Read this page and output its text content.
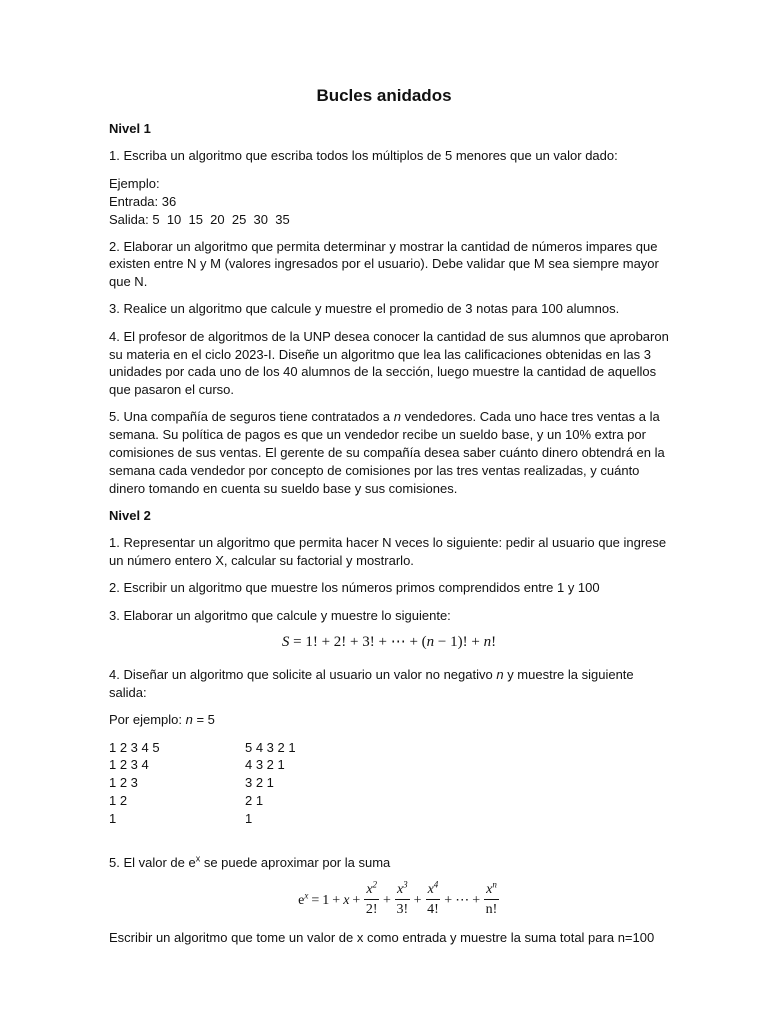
Bucles anidados

Nivel 1

1. Escriba un algoritmo que escriba todos los múltiplos de 5 menores que un valor dado:

Ejemplo:
Entrada: 36
Salida: 5  10  15  20  25  30  35

2. Elaborar un algoritmo que permita determinar y mostrar la cantidad de números impares que existen entre N y M (valores ingresados por el usuario). Debe validar que M sea siempre mayor que N.

3. Realice un algoritmo que calcule y muestre el promedio de 3 notas para 100 alumnos.

4. El profesor de algoritmos de la UNP desea conocer la cantidad de sus alumnos que aprobaron su materia en el ciclo 2023-I. Diseñe un algoritmo que lea las calificaciones obtenidas en las 3 unidades por cada uno de los 40 alumnos de la sección, luego muestre la cantidad de aquellos que pasaron el curso.

5. Una compañía de seguros tiene contratados a n vendedores. Cada uno hace tres ventas a la semana. Su política de pagos es que un vendedor recibe un sueldo base, y un 10% extra por comisiones de sus ventas. El gerente de su compañía desea saber cuánto dinero obtendrá en la semana cada vendedor por concepto de comisiones por las tres ventas realizadas, y cuánto dinero tomando en cuenta su sueldo base y sus comisiones.

Nivel 2

1. Representar un algoritmo que permita hacer N veces lo siguiente: pedir al usuario que ingrese un número entero X, calcular su factorial y mostrarlo.

2. Escribir un algoritmo que muestre los números primos comprendidos entre 1 y 100

3. Elaborar un algoritmo que calcule y muestre lo siguiente:

S = 1! + 2! + 3! + ⋯ + (n − 1)! + n!

4. Diseñar un algoritmo que solicite al usuario un valor no negativo n y muestre la siguiente salida:

Por ejemplo: n = 5

1 2 3 4 5	5 4 3 2 1
1 2 3 4	4 3 2 1
1 2 3	3 2 1
1 2	2 1
1	1

5. El valor de $e^x$ se puede aproximar por la suma

$e^x = 1 + x + \frac{x^2}{2!} + \frac{x^3}{3!} + \frac{x^4}{4!}$ + ⋯ + $\frac{x^n}{n!}$

Escribir un algoritmo que tome un valor de x como entrada y muestre la suma total para n=100
